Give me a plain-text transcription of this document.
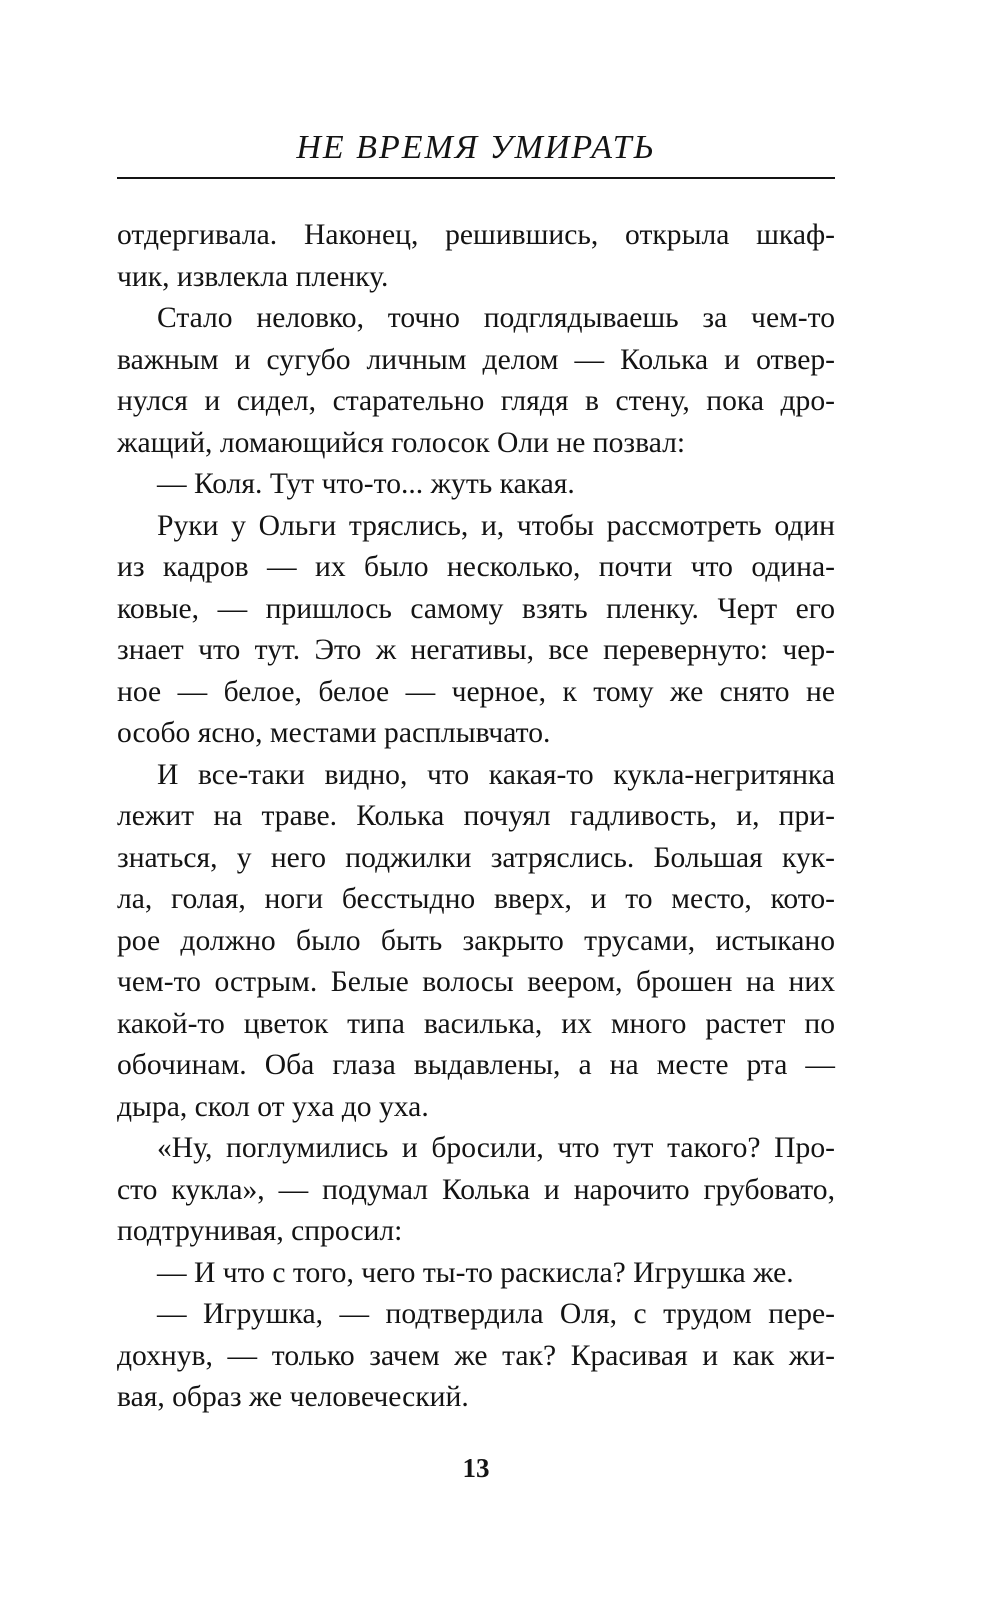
НЕ ВРЕМЯ УМИРАТЬ
отдергивала. Наконец, решившись, открыла шкаф-
чик, извлекла пленку.
Стало неловко, точно подглядываешь за чем-то
важным и сугубо личным делом — Колька и отвер-
нулся и сидел, старательно глядя в стену, пока дро-
жащий, ломающийся голосок Оли не позвал:
— Коля. Тут что-то... жуть какая.
Руки у Ольги тряслись, и, чтобы рассмотреть один
из кадров — их было несколько, почти что одина-
ковые, — пришлось самому взять пленку. Черт его
знает что тут. Это ж негативы, все перевернуто: чер-
ное — белое, белое — черное, к тому же снято не
особо ясно, местами расплывчато.
И все-таки видно, что какая-то кукла-негритянка
лежит на траве. Колька почуял гадливость, и, при-
знаться, у него поджилки затряслись. Большая кук-
ла, голая, ноги бесстыдно вверх, и то место, кото-
рое должно было быть закрыто трусами, истыкано
чем-то острым. Белые волосы веером, брошен на них
какой-то цветок типа василька, их много растет по
обочинам. Оба глаза выдавлены, а на месте рта —
дыра, скол от уха до уха.
«Ну, поглумились и бросили, что тут такого? Про-
сто кукла», — подумал Колька и нарочито грубовато,
подтрунивая, спросил:
— И что с того, чего ты-то раскисла? Игрушка же.
— Игрушка, — подтвердила Оля, с трудом пере-
дохнув, — только зачем же так? Красивая и как жи-
вая, образ же человеческий.
13
